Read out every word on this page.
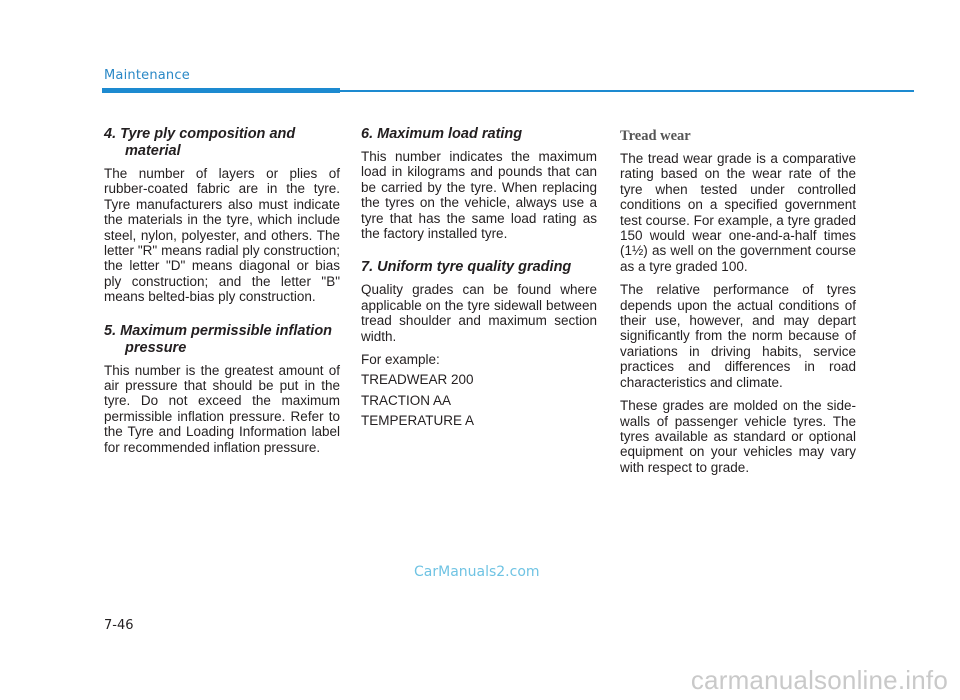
Maintenance
4. Tyre ply composition and material

The number of layers or plies of rubber-coated fabric are in the tyre. Tyre manufacturers also must indicate the materials in the tyre, which include steel, nylon, polyester, and others. The letter "R" means radial ply construction; the letter "D" means diagonal or bias ply construction; and the letter "B" means belted-bias ply construction.

5. Maximum permissible inflation pressure

This number is the greatest amount of air pressure that should be put in the tyre. Do not exceed the maximum permissible inflation pressure. Refer to the Tyre and Loading Information label for recommended inflation pressure.

6. Maximum load rating

This number indicates the maximum load in kilograms and pounds that can be carried by the tyre. When replacing the tyres on the vehicle, always use a tyre that has the same load rating as the factory installed tyre.

7. Uniform tyre quality grading

Quality grades can be found where applicable on the tyre sidewall between tread shoulder and maximum section width.

For example:

TREADWEAR 200

TRACTION AA

TEMPERATURE A

Tread wear

The tread wear grade is a comparative rating based on the wear rate of the tyre when tested under controlled conditions on a specified government test course. For example, a tyre graded 150 would wear one-and-a-half times (1½) as well on the government course as a tyre graded 100.

The relative performance of tyres depends upon the actual conditions of their use, however, and may depart significantly from the norm because of variations in driving habits, service practices and differences in road characteristics and climate.

These grades are molded on the side-walls of passenger vehicle tyres. The tyres available as standard or optional equipment on your vehicles may vary with respect to grade.

CarManuals2.com
7-46
carmanualsonline.info
